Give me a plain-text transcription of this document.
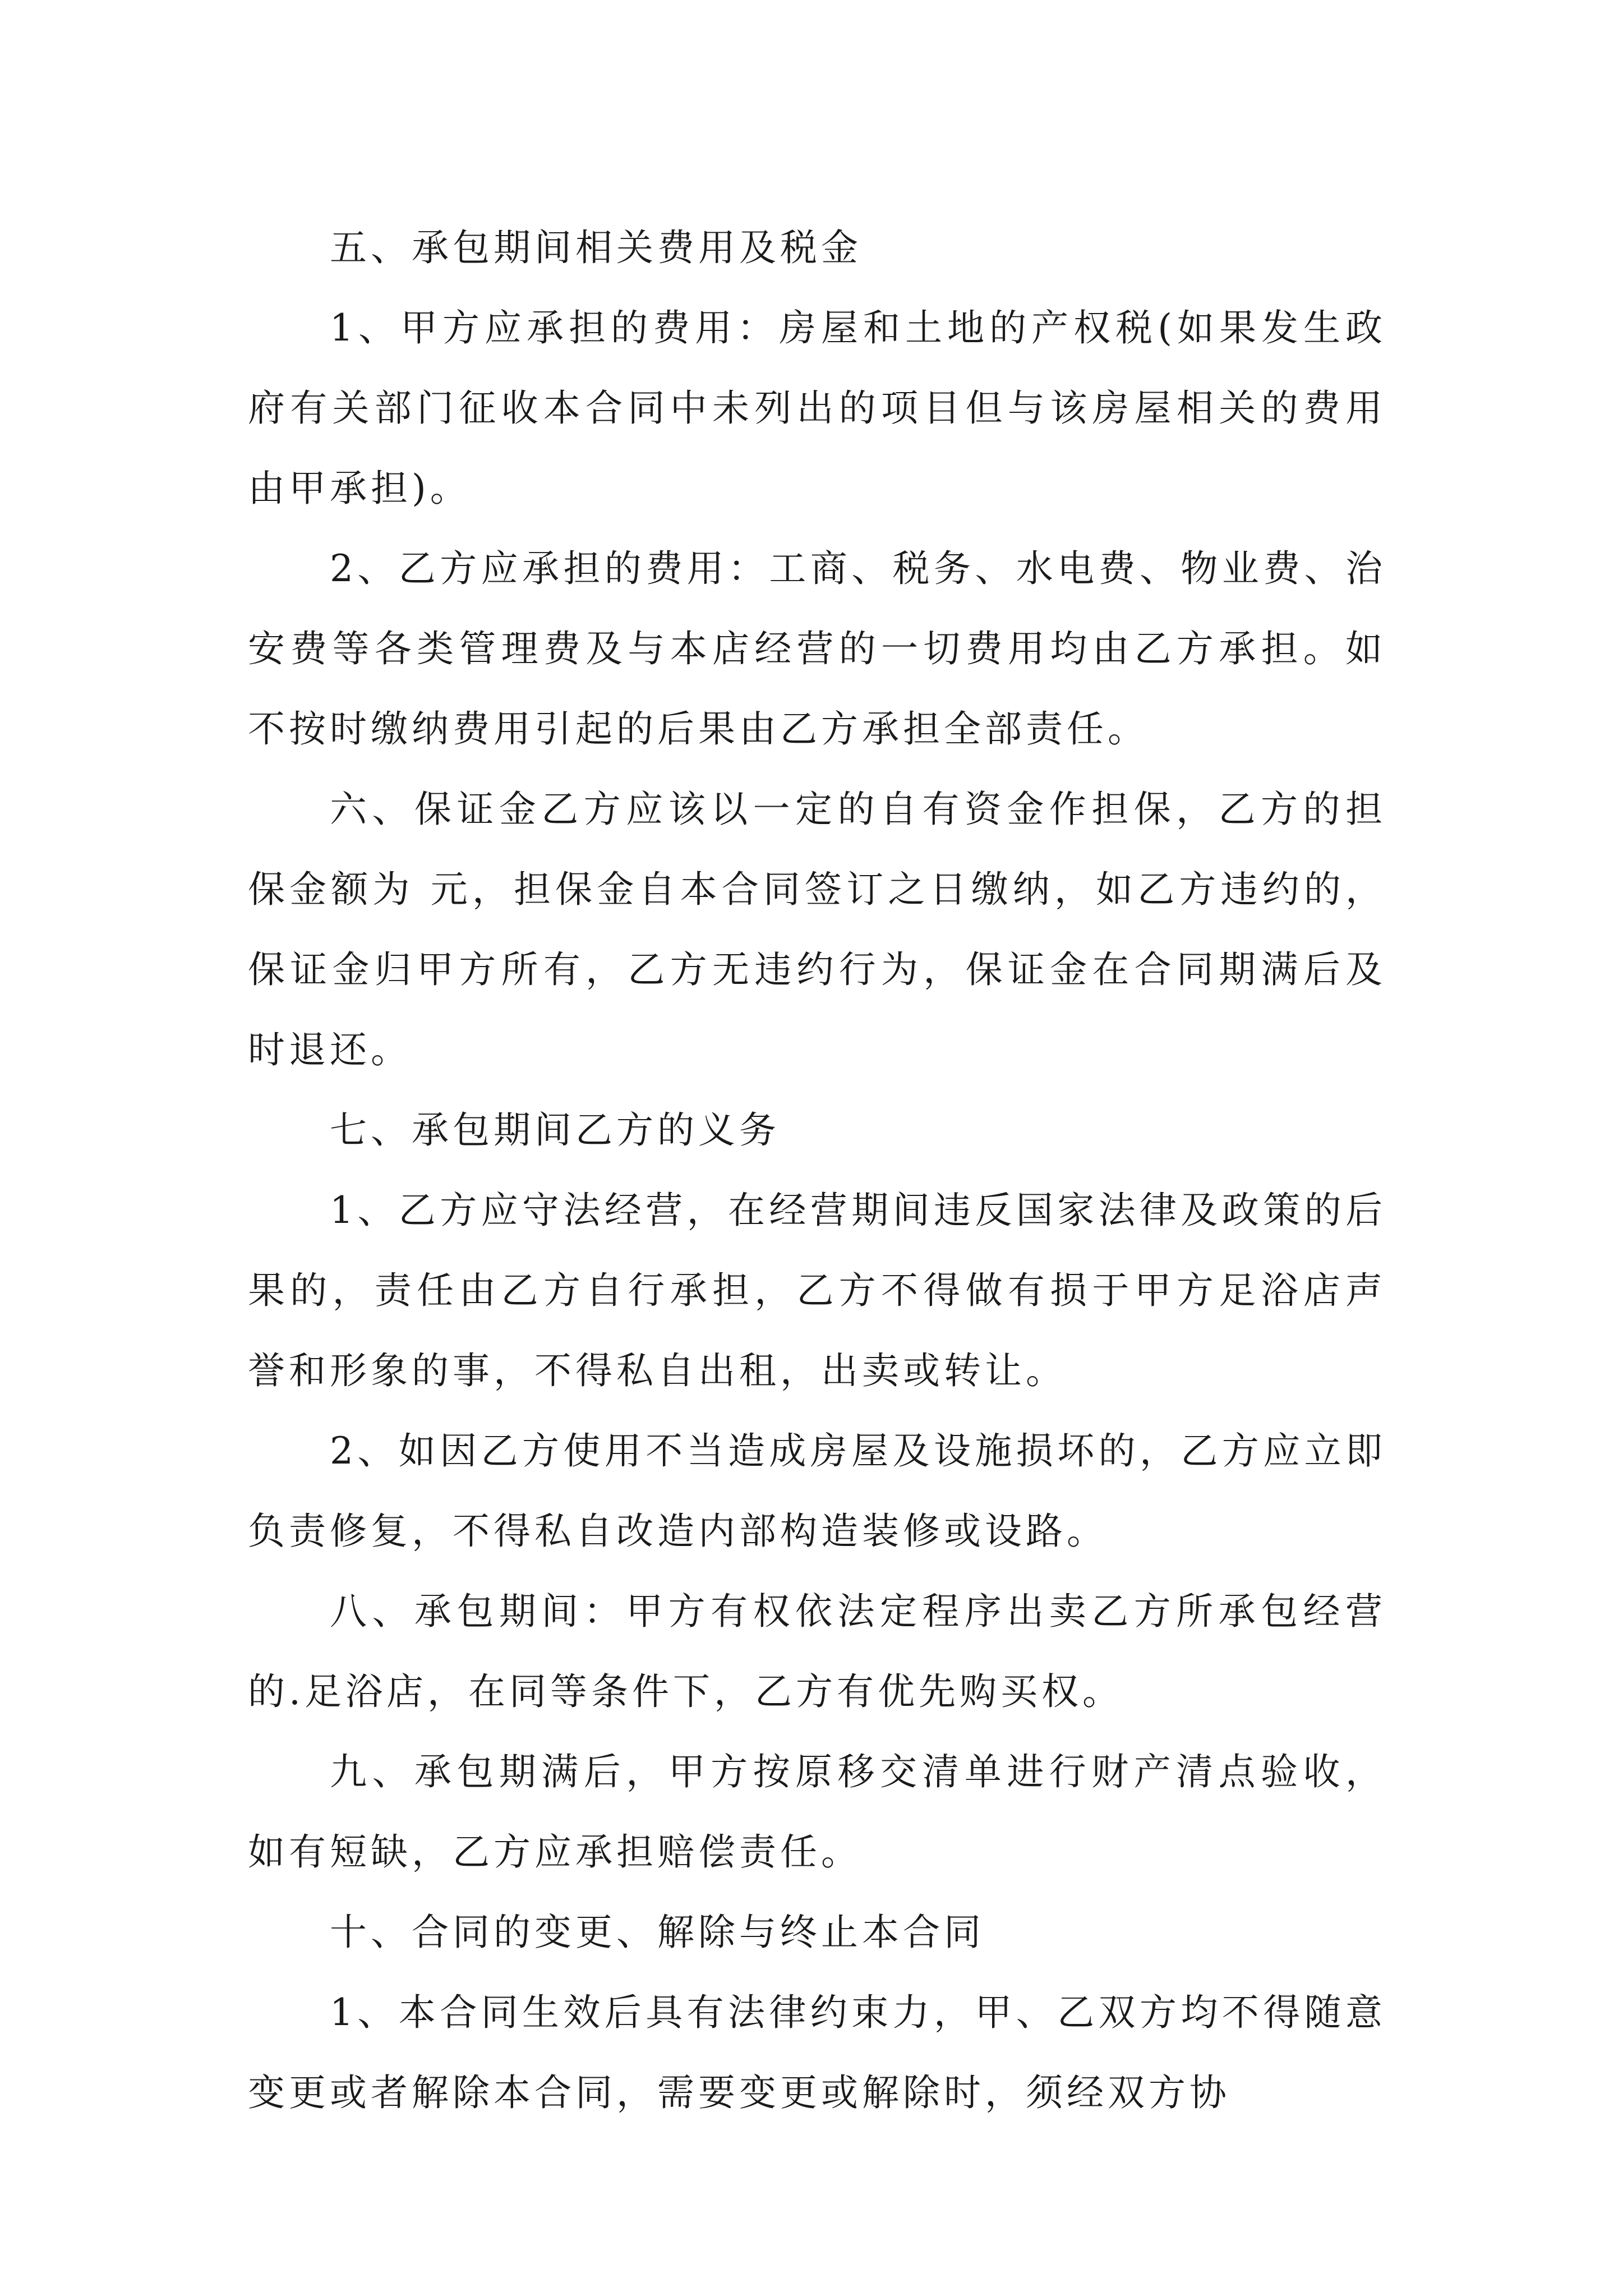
五、承包期间相关费用及税金

1、甲方应承担的费用：房屋和土地的产权税(如果发生政府有关部门征收本合同中未列出的项目但与该房屋相关的费用由甲承担)。

2、乙方应承担的费用：工商、税务、水电费、物业费、治安费等各类管理费及与本店经营的一切费用均由乙方承担。如不按时缴纳费用引起的后果由乙方承担全部责任。

六、保证金乙方应该以一定的自有资金作担保，乙方的担保金额为 元，担保金自本合同签订之日缴纳，如乙方违约的，保证金归甲方所有，乙方无违约行为，保证金在合同期满后及时退还。

七、承包期间乙方的义务

1、乙方应守法经营，在经营期间违反国家法律及政策的后果的，责任由乙方自行承担，乙方不得做有损于甲方足浴店声誉和形象的事，不得私自出租，出卖或转让。

2、如因乙方使用不当造成房屋及设施损坏的，乙方应立即负责修复，不得私自改造内部构造装修或设路。

八、承包期间：甲方有权依法定程序出卖乙方所承包经营的.足浴店，在同等条件下，乙方有优先购买权。

九、承包期满后，甲方按原移交清单进行财产清点验收，如有短缺，乙方应承担赔偿责任。

十、合同的变更、解除与终止本合同

1、本合同生效后具有法律约束力，甲、乙双方均不得随意变更或者解除本合同，需要变更或解除时，须经双方协
